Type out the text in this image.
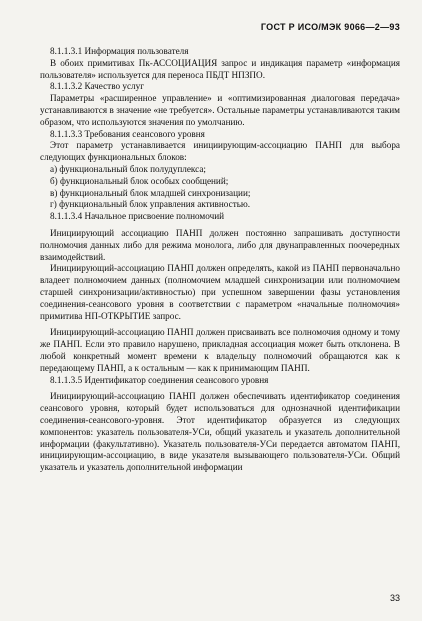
ГОСТ Р ИСО/МЭК 9066—2—93

8.1.1.3.1 Информация пользователя

В обоих примитивах Пк-АССОЦИАЦИЯ запрос и индикация параметр «информация пользователя» используется для переноса ПБДТ НПЗПО.

8.1.1.3.2 Качество услуг

Параметры «расширенное управление» и «оптимизированная диалоговая передача» устанавливаются в значение «не требуется». Остальные параметры устанавливаются таким образом, что используются значения по умолчанию.

8.1.1.3.3 Требования сеансового уровня

Этот параметр устанавливается инициирующим-ассоциацию ПАНП для выбора следующих функциональных блоков:

а) функциональный блок полудуплекса;
б) функциональный блок особых сообщений;
в) функциональный блок младшей синхронизации;
г) функциональный блок управления активностью.

8.1.1.3.4 Начальное присвоение полномочий

Инициирующий ассоциацию ПАНП должен постоянно запрашивать доступности полномочия данных либо для режима монолога, либо для двунаправленных поочередных взаимодействий.

Инициирующий-ассоциацию ПАНП должен определять, какой из ПАНП первоначально владеет полномочием данных (полномочием младшей синхронизации или полномочием старшей синхронизации/активностью) при успешном завершении фазы установления соединения-сеансового уровня в соответствии с параметром «начальные полномочия» примитива НП-ОТКРЫТИЕ запрос.

Инициирующий-ассоциацию ПАНП должен присваивать все полномочия одному и тому же ПАНП. Если это правило нарушено, прикладная ассоциация может быть отклонена. В любой конкретный момент времени к владельцу полномочий обращаются как к передающему ПАНП, а к остальным — как к принимающим ПАНП.

8.1.1.3.5 Идентификатор соединения сеансового уровня

Инициирующий-ассоциацию ПАНП должен обеспечивать идентификатор соединения сеансового уровня, который будет использоваться для однозначной идентификации соединения-сеансового-уровня. Этот идентификатор образуется из следующих компонентов: указатель пользователя-УСи, общий указатель и указатель дополнительной информации (факультативно). Указатель пользователя-УСи передается автоматом ПАНП, инициирующим-ассоциацию, в виде указателя вызывающего пользователя-УСи. Общий указатель и указатель дополнительной информации

33
